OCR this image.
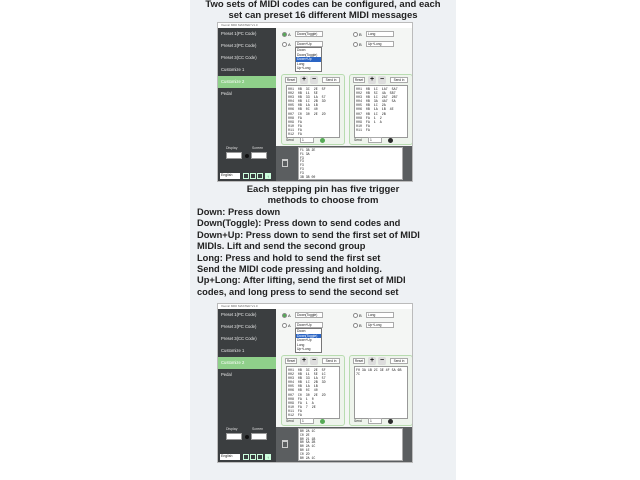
Two sets of MIDI codes can be configured, and each
set can preset 16 different MIDI messages
Each stepping pin has five trigger
methods to choose from
Down: Press down
Down(Toggle): Press down to send codes and
Down+Up: Press down to send the first set of MIDI
MIDIs. Lift and send the second group
Long: Press and hold to send the first set
Send the MIDI code pressing and holding.
Up+Long: After lifting, send the first set of MIDI
codes, and long press to send the second set
Xsonic MIDI MASTER V1.0
Preset 1(PC Code)
Preset 2(PC Code)
Preset 3(CC Code)
Customize 1
Customize 2
Pedal
Display	Screen
English	↑
A	Down(Toggle)
A	Down+Up
Down
Down(Toggle)
Down+Up
Long
Up+Long
B	Long
B	Up+Long
Reset + −	Send in
001  0B  3C  2E  5F
002  0B  11  5E
003  0B  33  1A  57
004  0B  1C  2B  3D
005  0B  1A  1B
006  0B  0C  40
007  C0  30  2E  2D
008  FA
009  FA
010  FA
011  FA
012  FA
Send	1
Reset + −	Send in
001  0B  1C  1A7  5A7
002  0B  5C  4A  5B7
003  0B  1C  2A7  2B7
004  0B  3A  4A7  5A
005  0B  1C  2A
006  0B  1A  1B  4E
007  0B  1C  2B
008  FA  1  2
009  FA  1  A
010  FA
011  FA
Send	1
F1 3B 2E
F1 3A
F3
F3
F3
F3
F3
3B 3B 00
Xsonic MIDI MASTER V1.0
Preset 1(PC Code)
Preset 2(PC Code)
Preset 3(CC Code)
Customize 1
Customize 2
Pedal
Display	Screen
English	↑
A	Down(Toggle)
A	Down+Up
Down
Down(Toggle)
Down+Up
Long
Up+Long
B	Long
B	Up+Long
Reset + −	Send in
001  0B  3C  2E  5F
002  0B  11  5E  1C
003  0B  33  1A  57
004  0B  1C  2B  3D
005  0B  1A  1B
006  0B  0C  40
007  C0  30  2E  2D
008  FA  1  0
009  FA  1  A
010  FA  7  2E
011  FA
012  FA
Send	1
Reset + −	Send in
F0 3A 1B 2C 3E 4F 5A 6B 7C
Send	1
B0 2A 1C
C0 2E
B0 21 1B
B0 5A 2B
B0 2A 1C
B0 1E
C0 2D
B0 2A 1C
